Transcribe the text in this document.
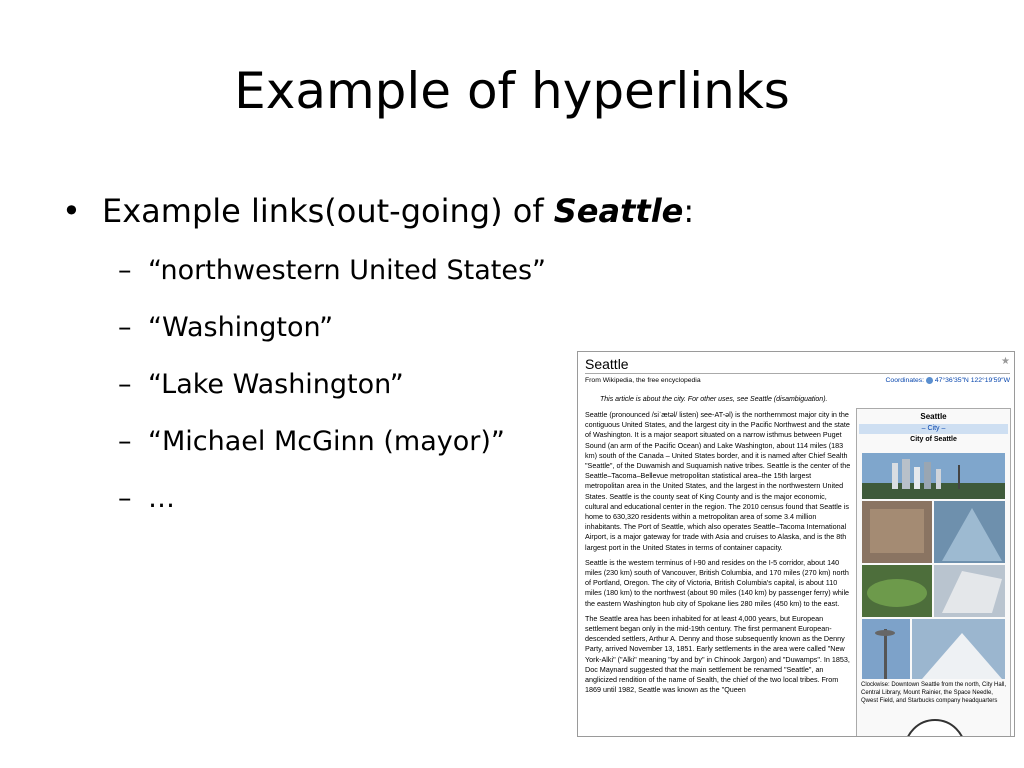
Example of hyperlinks
• Example links(out-going) of Seattle:
– “northwestern United States”
– “Washington”
– “Lake Washington”
– “Michael McGinn (mayor)”
– …
Seattle	★
From Wikipedia, the free encyclopedia	Coordinates: 47°36′35″N 122°19′59″W
This article is about the city. For other uses, see Seattle (disambiguation).

Seattle (pronounced /siˈætəl/ listen) see-AT-əl) is the northernmost major city in the contiguous United States, and the largest city in the Pacific Northwest and the state of Washington. It is a major seaport situated on a narrow isthmus between Puget Sound (an arm of the Pacific Ocean) and Lake Washington, about 114 miles (183 km) south of the Canada – United States border, and it is named after Chief Sealth "Seattle", of the Duwamish and Suquamish native tribes. Seattle is the center of the Seattle–Tacoma–Bellevue metropolitan statistical area–the 15th largest metropolitan area in the United States, and the largest in the northwestern United States. Seattle is the county seat of King County and is the major economic, cultural and educational center in the region. The 2010 census found that Seattle is home to 630,320 residents within a metropolitan area of some 3.4 million inhabitants. The Port of Seattle, which also operates Seattle–Tacoma International Airport, is a major gateway for trade with Asia and cruises to Alaska, and is the 8th largest port in the United States in terms of container capacity.

Seattle is the western terminus of I-90 and resides on the I-5 corridor, about 140 miles (230 km) south of Vancouver, British Columbia, and 170 miles (270 km) north of Portland, Oregon. The city of Victoria, British Columbia's capital, is about 110 miles (180 km) to the northwest (about 90 miles (140 km) by passenger ferry) while the eastern Washington hub city of Spokane lies 280 miles (450 km) to the east.

The Seattle area has been inhabited for at least 4,000 years, but European settlement began only in the mid-19th century. The first permanent European-descended settlers, Arthur A. Denny and those subsequently known as the Denny Party, arrived November 13, 1851. Early settlements in the area were called "New York-Alki" ("Alki" meaning "by and by" in Chinook Jargon) and "Duwamps". In 1853, Doc Maynard suggested that the main settlement be renamed "Seattle", an anglicized rendition of the name of Sealth, the chief of the two local tribes. From 1869 until 1982, Seattle was known as the "Queen

Seattle
– City –
City of Seattle
Clockwise: Downtown Seattle from the north, City Hall, Central Library, Mount Rainier, the Space Needle, Qwest Field, and Starbucks company headquarters
